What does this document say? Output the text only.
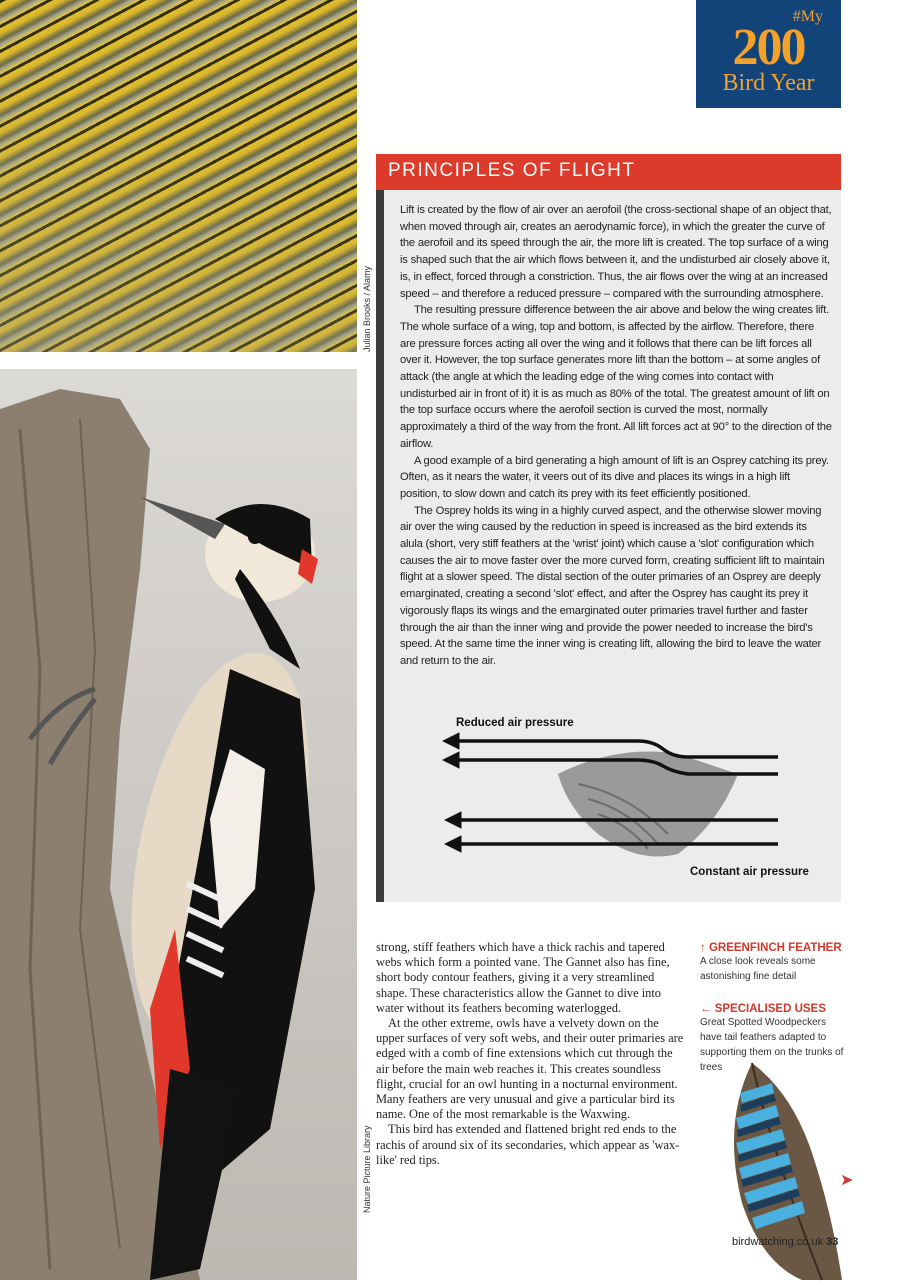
Julian Brooks / Alamy
Nature Picture Library
#My
200
Bird Year
PRINCIPLES OF FLIGHT

Lift is created by the flow of air over an aerofoil (the cross-sectional shape of an object that, when moved through air, creates an aerodynamic force), in which the greater the curve of the aerofoil and its speed through the air, the more lift is created. The top surface of a wing is shaped such that the air which flows between it, and the undisturbed air closely above it, is, in effect, forced through a constriction. Thus, the air flows over the wing at an increased speed – and therefore a reduced pressure – compared with the surrounding atmosphere.

The resulting pressure difference between the air above and below the wing creates lift. The whole surface of a wing, top and bottom, is affected by the airflow. Therefore, there are pressure forces acting all over the wing and it follows that there can be lift forces all over it. However, the top surface generates more lift than the bottom – at some angles of attack (the angle at which the leading edge of the wing comes into contact with undisturbed air in front of it) it is as much as 80% of the total. The greatest amount of lift on the top surface occurs where the aerofoil section is curved the most, normally approximately a third of the way from the front. All lift forces act at 90° to the direction of the airflow.

A good example of a bird generating a high amount of lift is an Osprey catching its prey. Often, as it nears the water, it veers out of its dive and places its wings in a high lift position, to slow down and catch its prey with its feet efficiently positioned.

The Osprey holds its wing in a highly curved aspect, and the otherwise slower moving air over the wing caused by the reduction in speed is increased as the bird extends its alula (short, very stiff feathers at the 'wrist' joint) which cause a 'slot' configuration which causes the air to move faster over the more curved form, creating sufficient lift to maintain flight at a slower speed. The distal section of the outer primaries of an Osprey are deeply emarginated, creating a second 'slot' effect, and after the Osprey has caught its prey it vigorously flaps its wings and the emarginated outer primaries travel further and faster through the air than the inner wing and provide the power needed to increase the bird's speed. At the same time the inner wing is creating lift, allowing the bird to leave the water and return to the air.

Reduced air pressure
Constant air pressure

strong, stiff feathers which have a thick rachis and tapered webs which form a pointed vane. The Gannet also has fine, short body contour feathers, giving it a very streamlined shape. These characteristics allow the Gannet to dive into water without its feathers becoming waterlogged.

At the other extreme, owls have a velvety down on the upper surfaces of very soft webs, and their outer primaries are edged with a comb of fine extensions which cut through the air before the main web reaches it. This creates soundless flight, crucial for an owl hunting in a nocturnal environment. Many feathers are very unusual and give a particular bird its name. One of the most remarkable is the Waxwing.

This bird has extended and flattened bright red ends to the rachis of around six of its secondaries, which appear as 'wax-like' red tips.

↑ GREENFINCH FEATHER
A close look reveals some astonishing fine detail
← SPECIALISED USES
Great Spotted Woodpeckers have tail feathers adapted to supporting them on the trunks of trees
➤
birdwatching.co.uk 33
